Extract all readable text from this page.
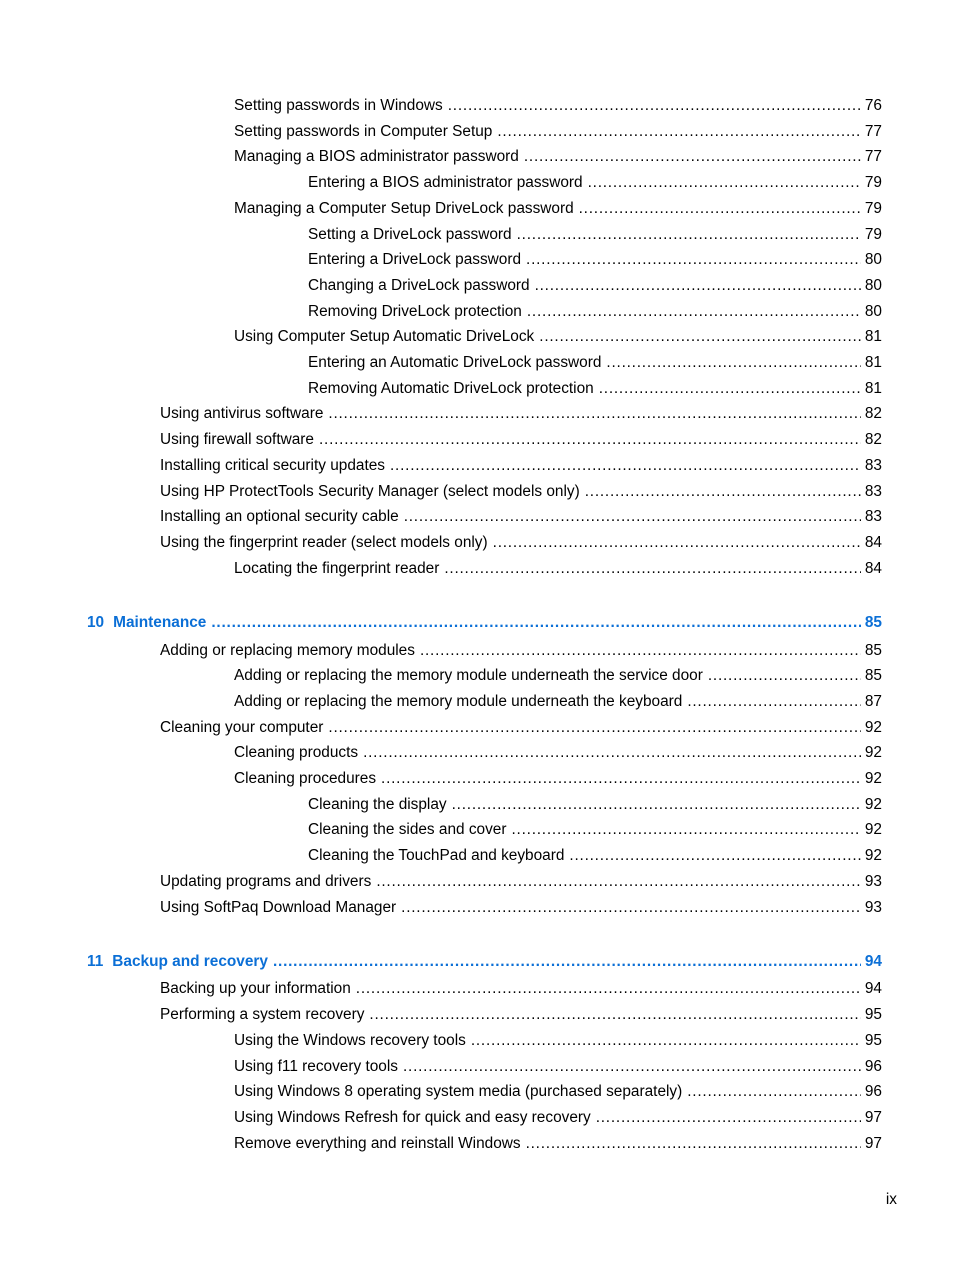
Setting passwords in Windows . . .	76
Setting passwords in Computer Setup . . .	77
Managing a BIOS administrator password . . .	77
Entering a BIOS administrator password . . .	79
Managing a Computer Setup DriveLock password . . .	79
Setting a DriveLock password . . .	79
Entering a DriveLock password . . .	80
Changing a DriveLock password . . .	80
Removing DriveLock protection . . .	80
Using Computer Setup Automatic DriveLock . . .	81
Entering an Automatic DriveLock password . . .	81
Removing Automatic DriveLock protection . . .	81
Using antivirus software . . .	82
Using firewall software . . .	82
Installing critical security updates . . .	83
Using HP ProtectTools Security Manager (select models only) . . .	83
Installing an optional security cable . . .	83
Using the fingerprint reader (select models only) . . .	84
Locating the fingerprint reader . . .	84
10 Maintenance . . .	85
Adding or replacing memory modules . . .	85
Adding or replacing the memory module underneath the service door . . .	85
Adding or replacing the memory module underneath the keyboard . . .	87
Cleaning your computer . . .	92
Cleaning products . . .	92
Cleaning procedures . . .	92
Cleaning the display . . .	92
Cleaning the sides and cover . . .	92
Cleaning the TouchPad and keyboard . . .	92
Updating programs and drivers . . .	93
Using SoftPaq Download Manager . . .	93
11 Backup and recovery . . .	94
Backing up your information . . .	94
Performing a system recovery . . .	95
Using the Windows recovery tools . . .	95
Using f11 recovery tools . . .	96
Using Windows 8 operating system media (purchased separately) . . .	96
Using Windows Refresh for quick and easy recovery . . .	97
Remove everything and reinstall Windows . . .	97
ix
